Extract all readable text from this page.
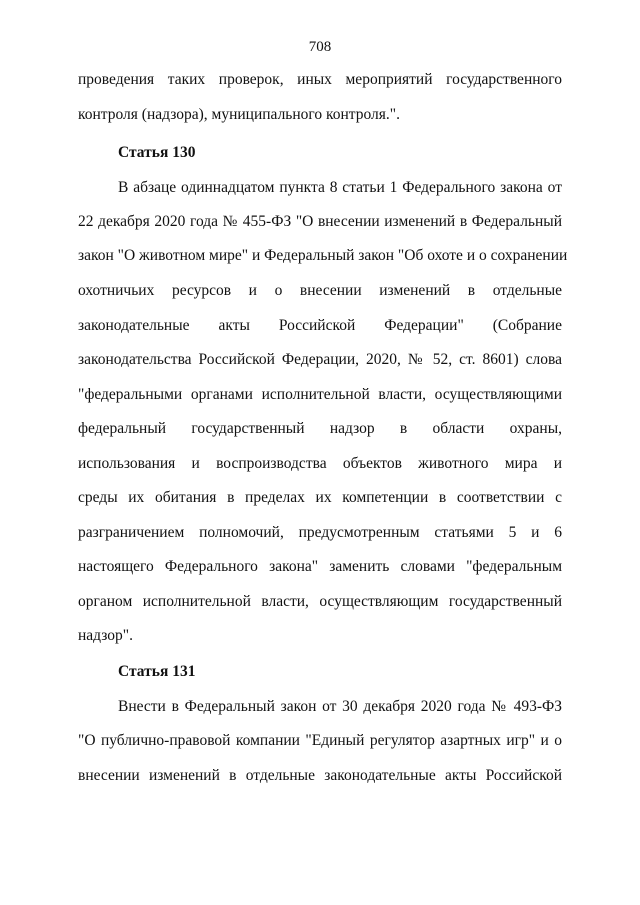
708
проведения таких проверок, иных мероприятий государственного
контроля (надзора), муниципального контроля.".
Статья 130
В абзаце одиннадцатом пункта 8 статьи 1 Федерального закона от
22 декабря 2020 года № 455-ФЗ "О внесении изменений в Федеральный
закон "О животном мире" и Федеральный закон "Об охоте и о сохранении
охотничьих ресурсов и о внесении изменений в отдельные
законодательные акты Российской Федерации" (Собрание
законодательства Российской Федерации, 2020, № 52, ст. 8601) слова
"федеральными органами исполнительной власти, осуществляющими
федеральный государственный надзор в области охраны,
использования и воспроизводства объектов животного мира и
среды их обитания в пределах их компетенции в соответствии с
разграничением полномочий, предусмотренным статьями 5 и 6
настоящего Федерального закона" заменить словами "федеральным
органом исполнительной власти, осуществляющим государственный
надзор".
Статья 131
Внести в Федеральный закон от 30 декабря 2020 года № 493-ФЗ
"О публично-правовой компании "Единый регулятор азартных игр" и о
внесении изменений в отдельные законодательные акты Российской
